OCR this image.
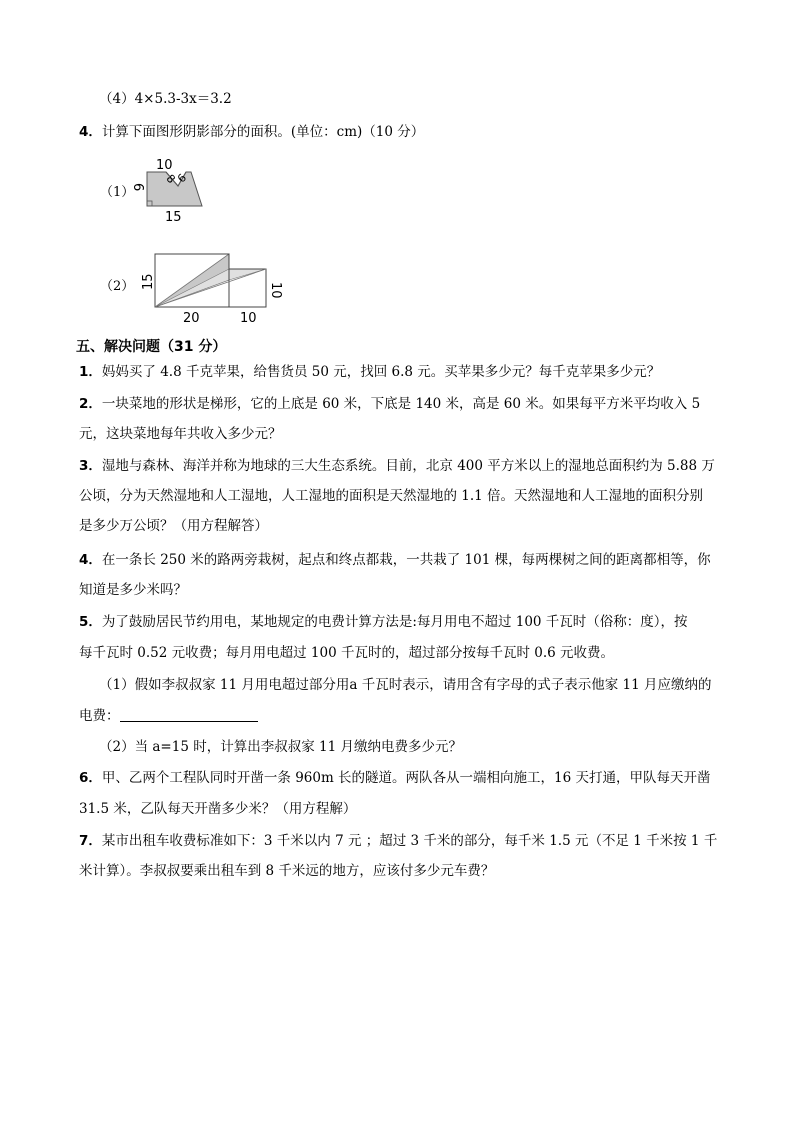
（4）4×5.3-3x＝3.2
4．计算下面图形阴影部分的面积。(单位：cm)（10 分）
（1）
10
6
8
6
15
（2） 15
10
20	10
五、解决问题（31 分）
1．妈妈买了 4.8 千克苹果，给售货员 50 元，找回 6.8 元。买苹果多少元？每千克苹果多少元？
2．一块菜地的形状是梯形，它的上底是 60 米，下底是 140 米，高是 60 米。如果每平方米平均收入 5
元，这块菜地每年共收入多少元？
3．湿地与森林、海洋并称为地球的三大生态系统。目前，北京 400 平方米以上的湿地总面积约为 5.88 万
公顷，分为天然湿地和人工湿地，人工湿地的面积是天然湿地的 1.1 倍。天然湿地和人工湿地的面积分别
是多少万公顷？（用方程解答）
4．在一条长 250 米的路两旁栽树，起点和终点都栽，一共栽了 101 棵，每两棵树之间的距离都相等，你
知道是多少米吗？
5．为了鼓励居民节约用电，某地规定的电费计算方法是:每月用电不超过 100 千瓦时（俗称：度），按
每千瓦时 0.52 元收费；每月用电超过 100 千瓦时的，超过部分按每千瓦时 0.6 元收费。
（1）假如李叔叔家 11 月用电超过部分用a 千瓦时表示，请用含有字母的式子表示他家 11 月应缴纳的
电费：
（2）当 a=15 时，计算出李叔叔家 11 月缴纳电费多少元？
6．甲、乙两个工程队同时开凿一条 960m 长的隧道。两队各从一端相向施工，16 天打通，甲队每天开凿
31.5 米，乙队每天开凿多少米？（用方程解）
7．某市出租车收费标准如下：3 千米以内 7 元 ；超过 3 千米的部分，每千米 1.5 元（不足 1 千米按 1 千
米计算）。李叔叔要乘出租车到 8 千米远的地方，应该付多少元车费？
